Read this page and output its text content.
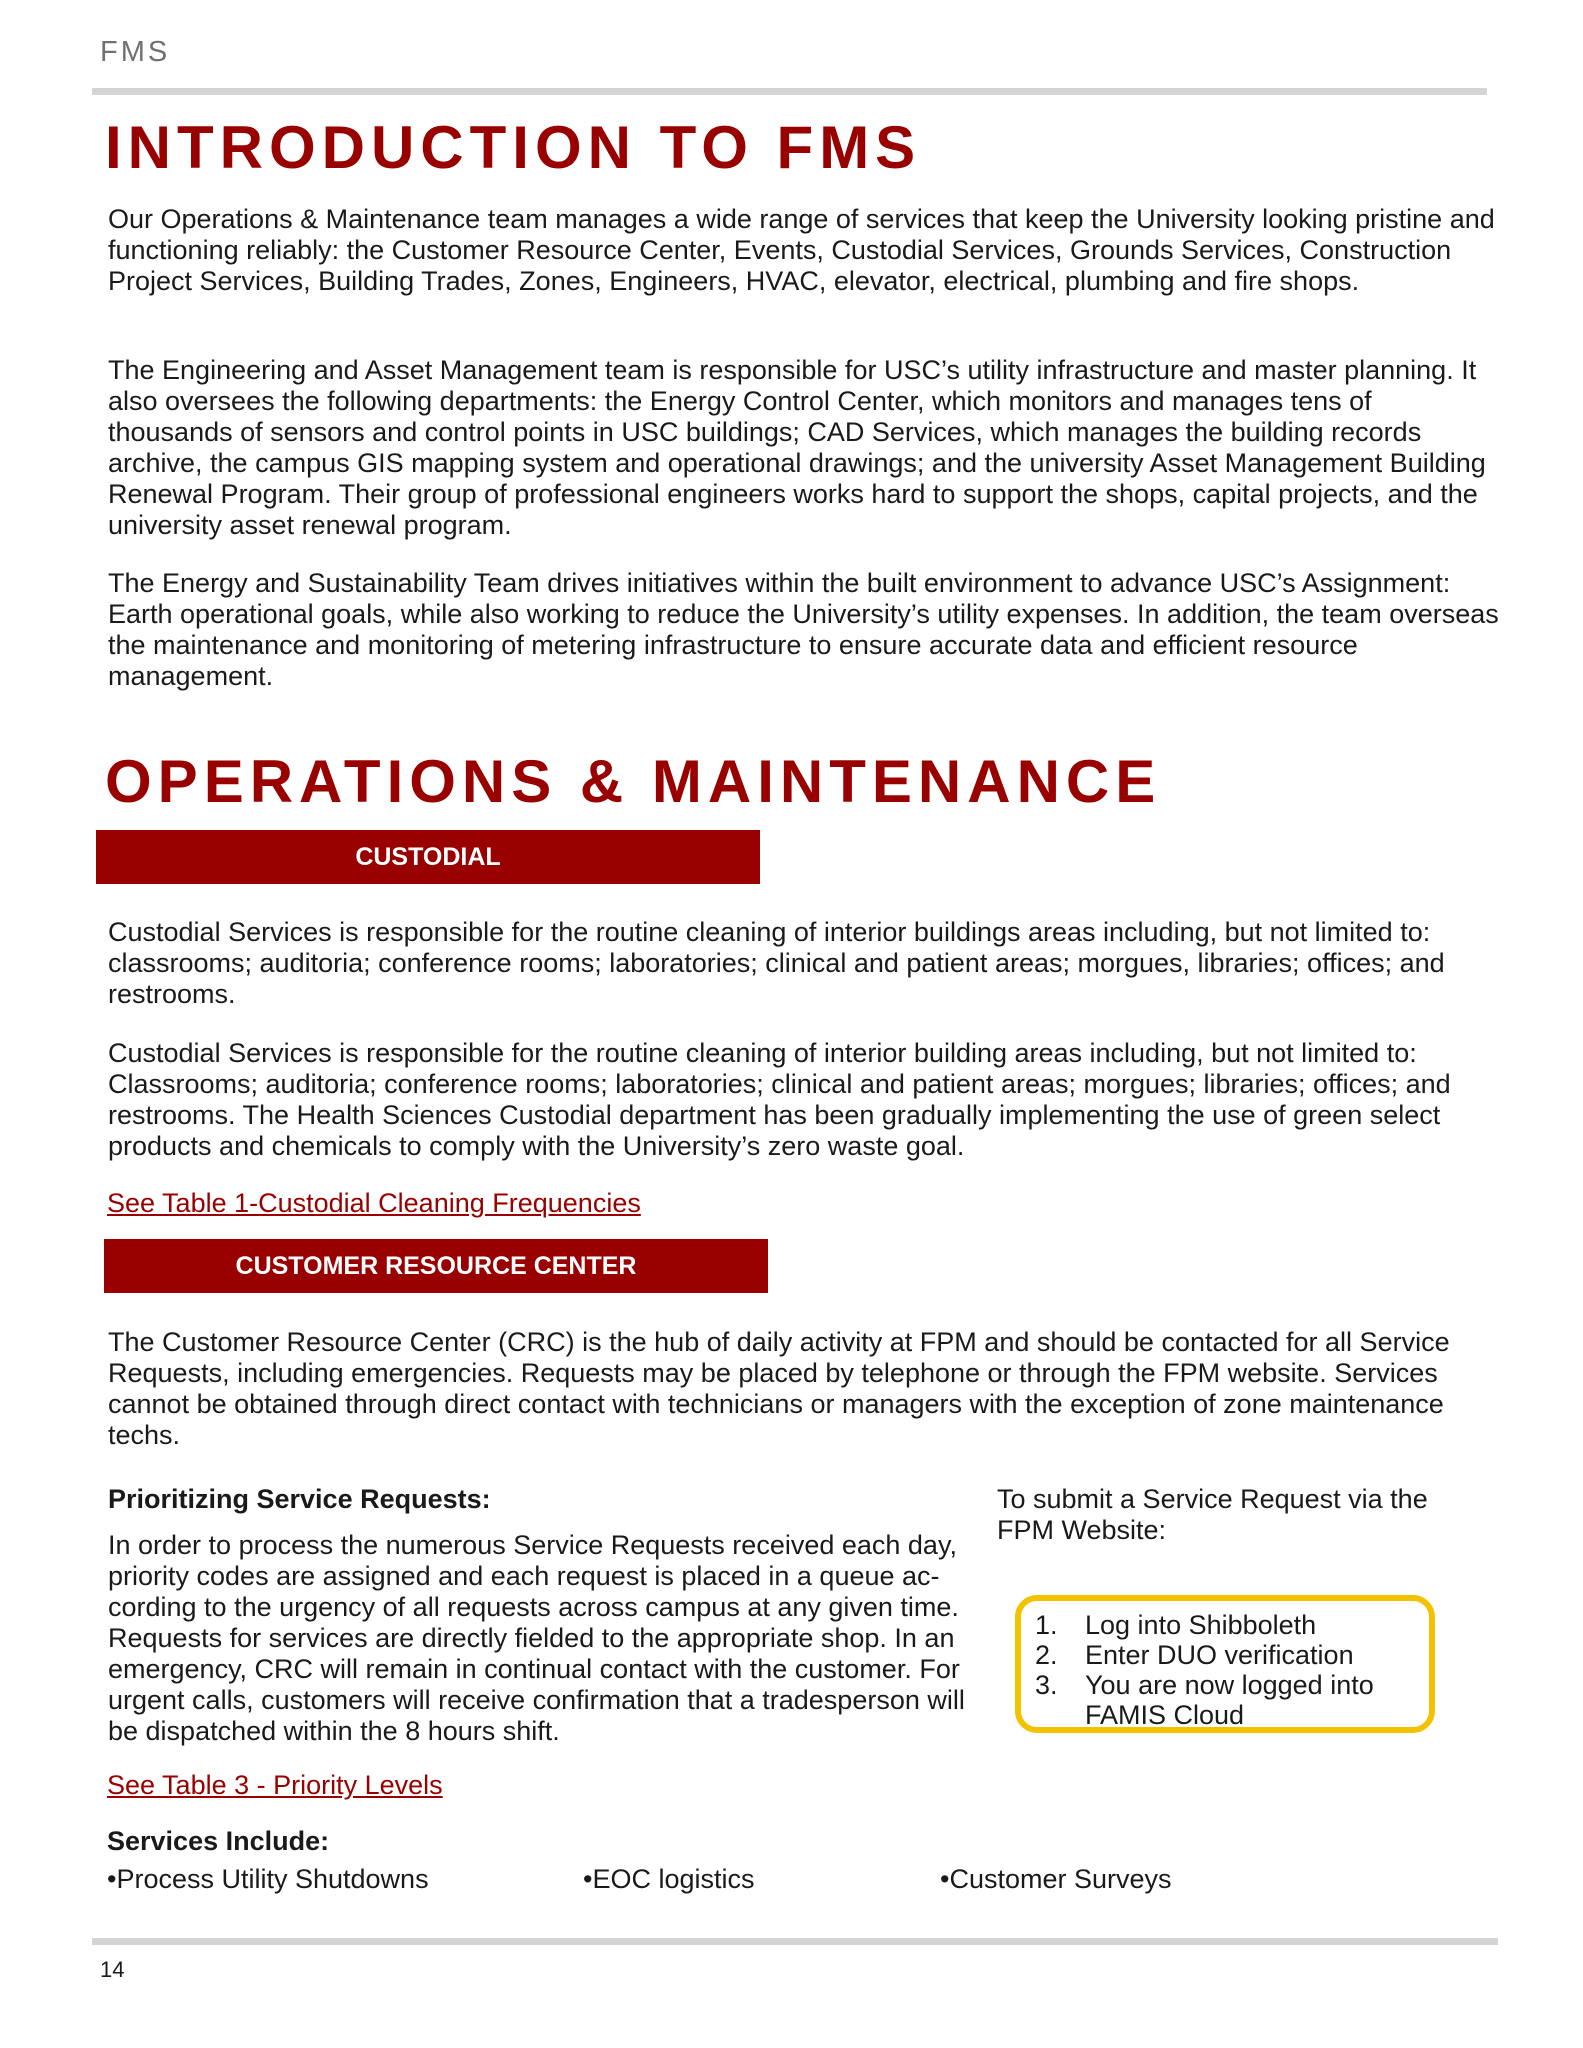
FMS
INTRODUCTION TO FMS

Our Operations & Maintenance team manages a wide range of services that keep the University looking pristine and functioning reliably: the Customer Resource Center, Events, Custodial Services, Grounds Services, Construction Project Services, Building Trades, Zones, Engineers, HVAC, elevator, electrical, plumbing and fire shops.

The Engineering and Asset Management team is responsible for USC’s utility infrastructure and master planning. It also oversees the following departments: the Energy Control Center, which monitors and manages tens of thousands of sensors and control points in USC buildings; CAD Services, which manages the building records archive, the campus GIS mapping system and operational drawings; and the university Asset Management Building Renewal Program. Their group of professional engineers works hard to support the shops, capital projects, and the university asset renewal program.

The Energy and Sustainability Team drives initiatives within the built environment to advance USC’s Assignment: Earth operational goals, while also working to reduce the University’s utility expenses. In addition, the team overseas the maintenance and monitoring of metering infrastructure to ensure accurate data and efficient resource management.

OPERATIONS & MAINTENANCE
CUSTODIAL

Custodial Services is responsible for the routine cleaning of interior buildings areas including, but not limited to: classrooms; auditoria; conference rooms; laboratories; clinical and patient areas; morgues, libraries; offices; and restrooms.

Custodial Services is responsible for the routine cleaning of interior building areas including, but not limited to: Classrooms; auditoria; conference rooms; laboratories; clinical and patient areas; morgues; libraries; offices; and restrooms. The Health Sciences Custodial department has been gradually implementing the use of green select products and chemicals to comply with the University’s zero waste goal.

See Table 1-Custodial Cleaning Frequencies
CUSTOMER RESOURCE CENTER

The Customer Resource Center (CRC) is the hub of daily activity at FPM and should be contacted for all Service Requests, including emergencies. Requests may be placed by telephone or through the FPM website. Services cannot be obtained through direct contact with technicians or managers with the exception of zone maintenance techs.

Prioritizing Service Requests:

In order to process the numerous Service Requests received each day, priority codes are assigned and each request is placed in a queue ac-cording to the urgency of all requests across campus at any given time. Requests for services are directly fielded to the appropriate shop. In an emergency, CRC will remain in continual contact with the customer. For urgent calls, customers will receive confirmation that a tradesperson will be dispatched within the 8 hours shift.

See Table 3 - Priority Levels

To submit a Service Request via the FPM Website:

1.	Log into Shibboleth
2.	Enter DUO verification
3.	You are now logged into FAMIS Cloud
Services Include:
•Process Utility Shutdowns	•EOC logistics	•Customer Surveys
14
